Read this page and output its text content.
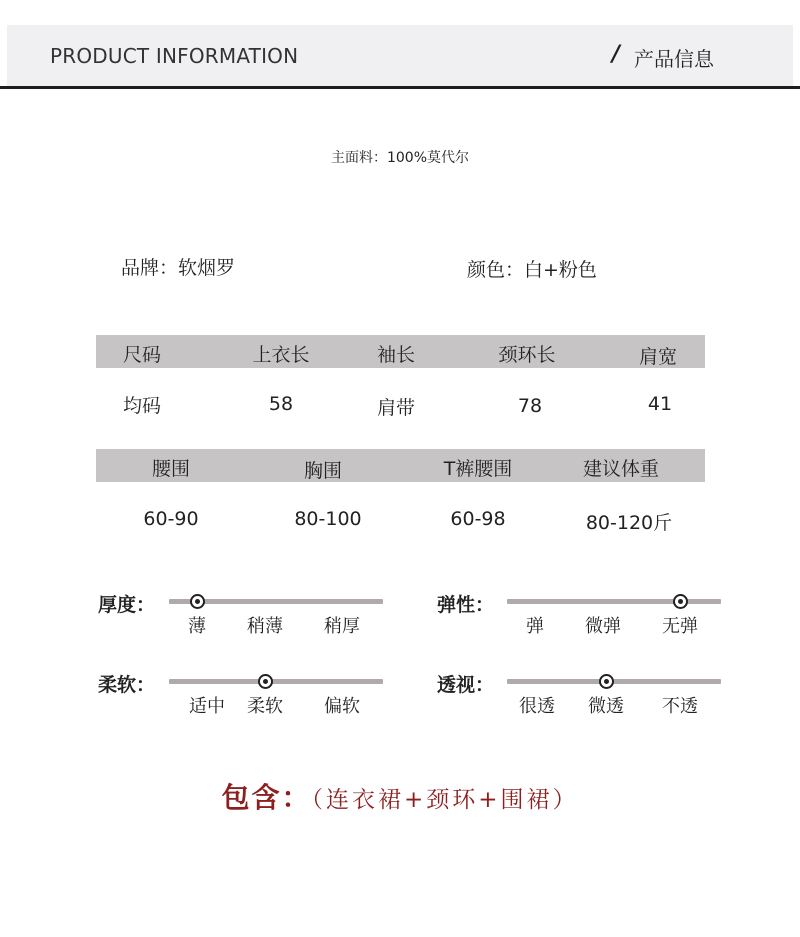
PRODUCT INFORMATION	/ 产品信息
主面料：100%莫代尔
品牌：软烟罗	颜色：白+粉色
尺码	上衣长	袖长	颈环长	肩宽
均码	58	肩带	78	41
腰围	胸围	T裤腰围	建议体重
60-90	80-100	60-98	80-120斤
厚度：
薄 稍薄 稍厚
弹性：
弹 微弹 无弹
柔软：
适中 柔软 偏软
透视：
很透 微透 不透
包含：（连衣裙+颈环+围裙）
